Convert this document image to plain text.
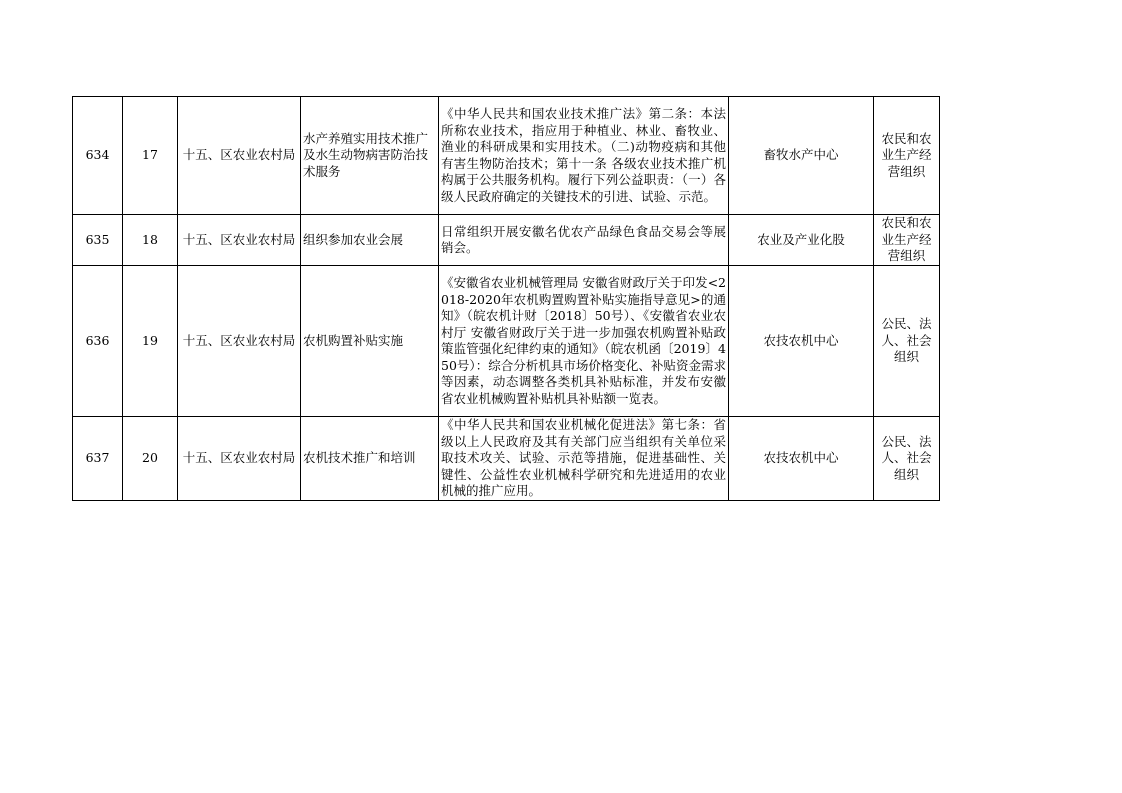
634	17	十五、区农业农村局	水产养殖实用技术推广及水生动物病害防治技术服务	《中华人民共和国农业技术推广法》第二条：本法所称农业技术，指应用于种植业、林业、畜牧业、渔业的科研成果和实用技术。（二)动物疫病和其他有害生物防治技术；第十一条 各级农业技术推广机构属于公共服务机构。履行下列公益职责：（一）各级人民政府确定的关键技术的引进、试验、示范。	畜牧水产中心	农民和农业生产经营组织
635	18	十五、区农业农村局	组织参加农业会展	日常组织开展安徽名优农产品绿色食品交易会等展销会。	农业及产业化股	农民和农业生产经营组织
636	19	十五、区农业农村局	农机购置补贴实施	《安徽省农业机械管理局 安徽省财政厅关于印发<2018-2020年农机购置购置补贴实施指导意见>的通知》（皖农机计财〔2018〕50号）、《安徽省农业农村厅 安徽省财政厅关于进一步加强农机购置补贴政策监管强化纪律约束的通知》（皖农机函〔2019〕450号）：综合分析机具市场价格变化、补贴资金需求等因素，动态调整各类机具补贴标准，并发布安徽省农业机械购置补贴机具补贴额一览表。	农技农机中心	公民、法人、社会组织
637	20	十五、区农业农村局	农机技术推广和培训	《中华人民共和国农业机械化促进法》第七条：省级以上人民政府及其有关部门应当组织有关单位采取技术攻关、试验、示范等措施，促进基础性、关键性、公益性农业机械科学研究和先进适用的农业机械的推广应用。	农技农机中心	公民、法人、社会组织
